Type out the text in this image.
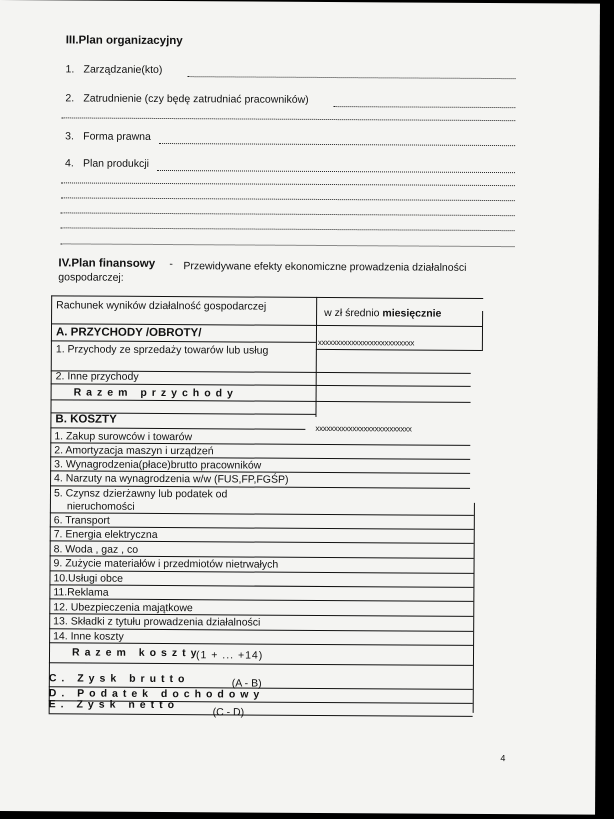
III.Plan organizacyjny
1. Zarządzanie(kto)
2. Zatrudnienie (czy będę zatrudniać pracowników)
3. Forma prawna
4. Plan produkcji
IV.Plan finansowy - Przewidywane efekty ekonomiczne prowadzenia działalności
gospodarczej:
Rachunek wyników działalność gospodarczej
w zł średnio miesięcznie
A. PRZYCHODY /OBROTY/
xxxxxxxxxxxxxxxxxxxxxxxxxx
1. Przychody ze sprzedaży towarów lub usług
2. Inne przychody
Razem przychody
B. KOSZTY
xxxxxxxxxxxxxxxxxxxxxxxxxx
1. Zakup surowców i towarów
2. Amortyzacja maszyn i urządzeń
3. Wynagrodzenia(płace)brutto pracowników
4. Narzuty na wynagrodzenia w/w (FUS,FP,FGŚP)
5. Czynsz dzierżawny lub podatek od
nieruchomości
6. Transport
7. Energia elektryczna
8. Woda , gaz , co
9. Zużycie materiałów i przedmiotów nietrwałych
10.Usługi obce
11.Reklama
12. Ubezpieczenia majątkowe
13. Składki z tytułu prowadzenia działalności
14. Inne koszty
Razem koszty
(1 + ... +14)
C. Zysk brutto	(A - B)
D. Podatek dochodowy
E. Zysk netto
(C - D)
4
